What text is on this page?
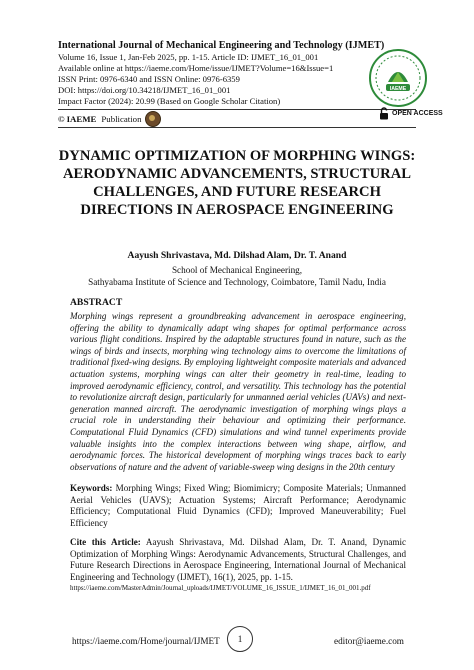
International Journal of Mechanical Engineering and Technology (IJMET)
Volume 16, Issue 1, Jan-Feb 2025, pp. 1-15. Article ID: IJMET_16_01_001
Available online at https://iaeme.com/Home/issue/IJMET?Volume=16&Issue=1
ISSN Print: 0976-6340 and ISSN Online: 0976-6359
DOI: https://doi.org/10.34218/IJMET_16_01_001
Impact Factor (2024): 20.99 (Based on Google Scholar Citation)
© IAEME Publication
IAEME
OPEN ACCESS
DYNAMIC OPTIMIZATION OF MORPHING WINGS: AERODYNAMIC ADVANCEMENTS, STRUCTURAL CHALLENGES, AND FUTURE RESEARCH DIRECTIONS IN AEROSPACE ENGINEERING
Aayush Shrivastava, Md. Dilshad Alam, Dr. T. Anand
School of Mechanical Engineering,
Sathyabama Institute of Science and Technology, Coimbatore, Tamil Nadu, India
ABSTRACT
Morphing wings represent a groundbreaking advancement in aerospace engineering, offering the ability to dynamically adapt wing shapes for optimal performance across various flight conditions. Inspired by the adaptable structures found in nature, such as the wings of birds and insects, morphing wing technology aims to overcome the limitations of traditional fixed-wing designs. By employing lightweight composite materials and advanced actuation systems, morphing wings can alter their geometry in real-time, leading to improved aerodynamic efficiency, control, and versatility. This technology has the potential to revolutionize aircraft design, particularly for unmanned aerial vehicles (UAVs) and next-generation manned aircraft. The aerodynamic investigation of morphing wings plays a crucial role in understanding their behaviour and optimizing their performance. Computational Fluid Dynamics (CFD) simulations and wind tunnel experiments provide valuable insights into the complex interactions between wing shape, airflow, and aerodynamic forces. The historical development of morphing wings traces back to early observations of nature and the advent of variable-sweep wing designs in the 20th century
Keywords: Morphing Wings; Fixed Wing; Biomimicry; Composite Materials; Unmanned Aerial Vehicles (UAVS); Actuation Systems; Aircraft Performance; Aerodynamic Efficiency; Computational Fluid Dynamics (CFD); Improved Maneuverability; Fuel Efficiency
Cite this Article: Aayush Shrivastava, Md. Dilshad Alam, Dr. T. Anand, Dynamic Optimization of Morphing Wings: Aerodynamic Advancements, Structural Challenges, and Future Research Directions in Aerospace Engineering, International Journal of Mechanical Engineering and Technology (IJMET), 16(1), 2025, pp. 1-15.
https://iaeme.com/MasterAdmin/Journal_uploads/IJMET/VOLUME_16_ISSUE_1/IJMET_16_01_001.pdf
https://iaeme.com/Home/journal/IJMET	1	editor@iaeme.com
